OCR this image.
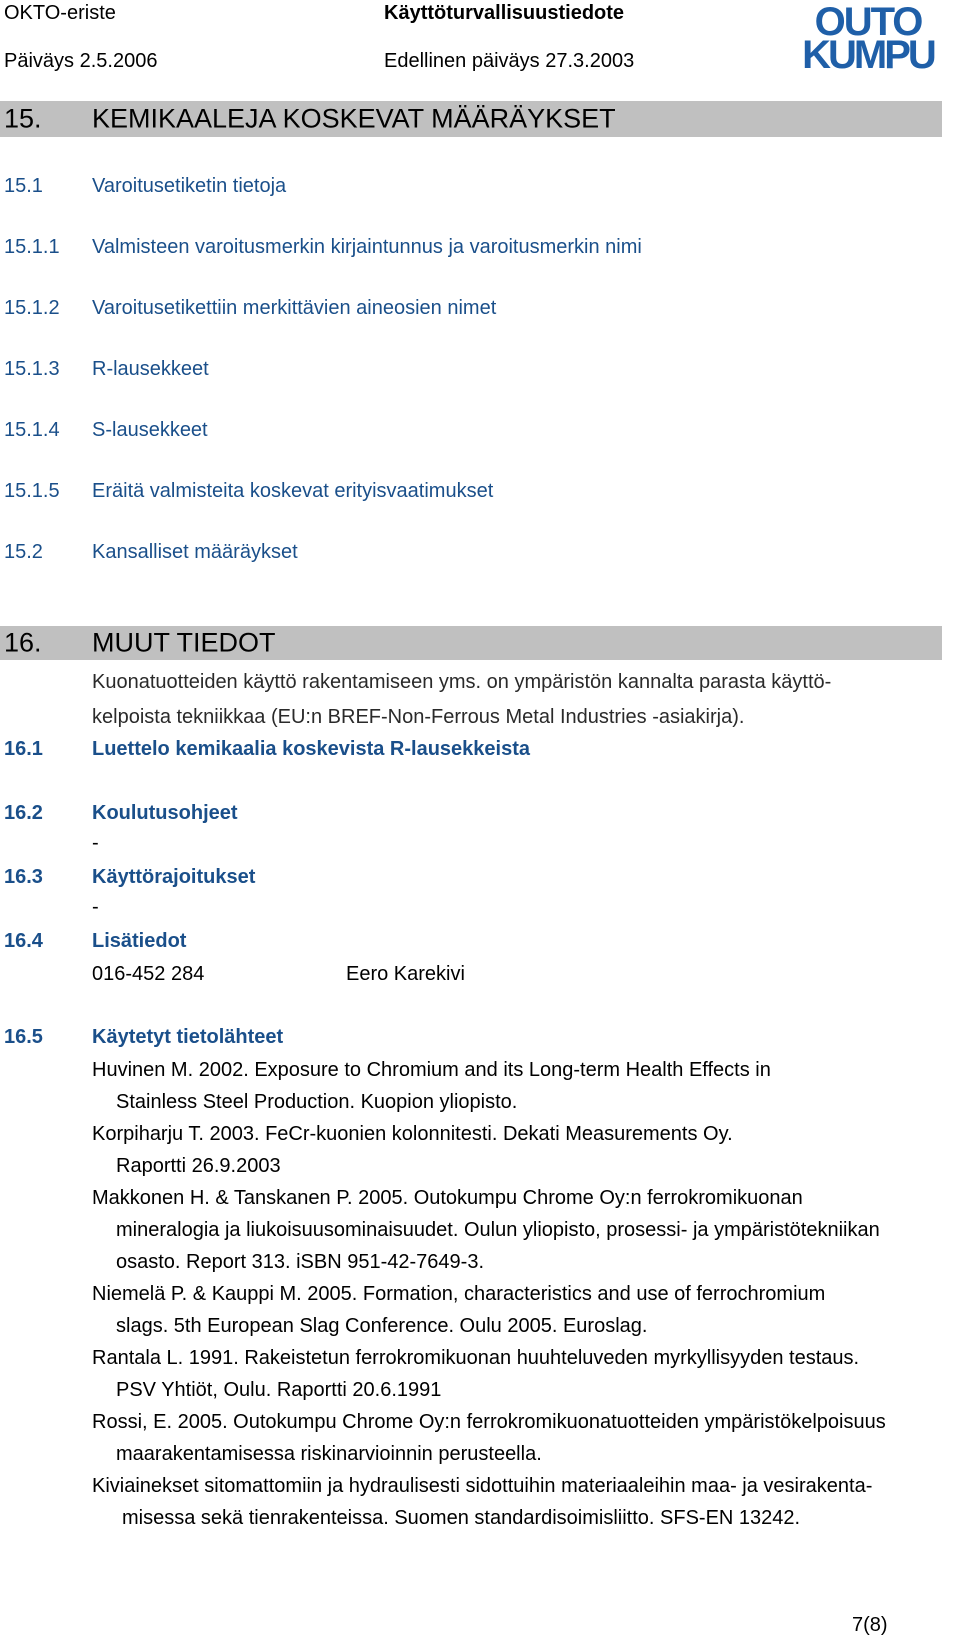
OKTO-eriste	Käyttöturvallisuustiedote
Päiväys 2.5.2006	Edellinen päiväys 27.3.2003
OUTO
KUMPU
15. KEMIKAALEJA KOSKEVAT MÄÄRÄYKSET
15.1 Varoitusetiketin tietoja
15.1.1 Valmisteen varoitusmerkin kirjaintunnus ja varoitusmerkin nimi
15.1.2 Varoitusetikettiin merkittävien aineosien nimet
15.1.3 R-lausekkeet
15.1.4 S-lausekkeet
15.1.5 Eräitä valmisteita koskevat erityisvaatimukset
15.2 Kansalliset määräykset
16. MUUT TIEDOT
Kuonatuotteiden käyttö rakentamiseen yms. on ympäristön kannalta parasta käyttö-
kelpoista tekniikkaa (EU:n BREF-Non-Ferrous Metal Industries -asiakirja).
16.1 Luettelo kemikaalia koskevista R-lausekkeista
16.2 Koulutusohjeet
-
16.3 Käyttörajoitukset
-
16.4 Lisätiedot
016-452 284	Eero Karekivi
16.5 Käytetyt tietolähteet
Huvinen M. 2002. Exposure to Chromium and its Long-term Health Effects in
Stainless Steel Production. Kuopion yliopisto.
Korpiharju T. 2003. FeCr-kuonien kolonnitesti. Dekati Measurements Oy.
Raportti 26.9.2003
Makkonen H. & Tanskanen P. 2005. Outokumpu Chrome Oy:n ferrokromikuonan
mineralogia ja liukoisuusominaisuudet. Oulun yliopisto, prosessi- ja ympäristötekniikan
osasto. Report 313. iSBN 951-42-7649-3.
Niemelä P. & Kauppi M. 2005. Formation, characteristics and use of ferrochromium
slags. 5th European Slag Conference. Oulu 2005. Euroslag.
Rantala L. 1991. Rakeistetun ferrokromikuonan huuhteluveden myrkyllisyyden testaus.
PSV Yhtiöt, Oulu. Raportti 20.6.1991
Rossi, E. 2005. Outokumpu Chrome Oy:n ferrokromikuonatuotteiden ympäristökelpoisuus
maarakentamisessa riskinarvioinnin perusteella.
Kiviainekset sitomattomiin ja hydraulisesti sidottuihin materiaaleihin maa- ja vesirakenta-
misessa sekä tienrakenteissa. Suomen standardisoimisliitto. SFS-EN 13242.
7(8)
